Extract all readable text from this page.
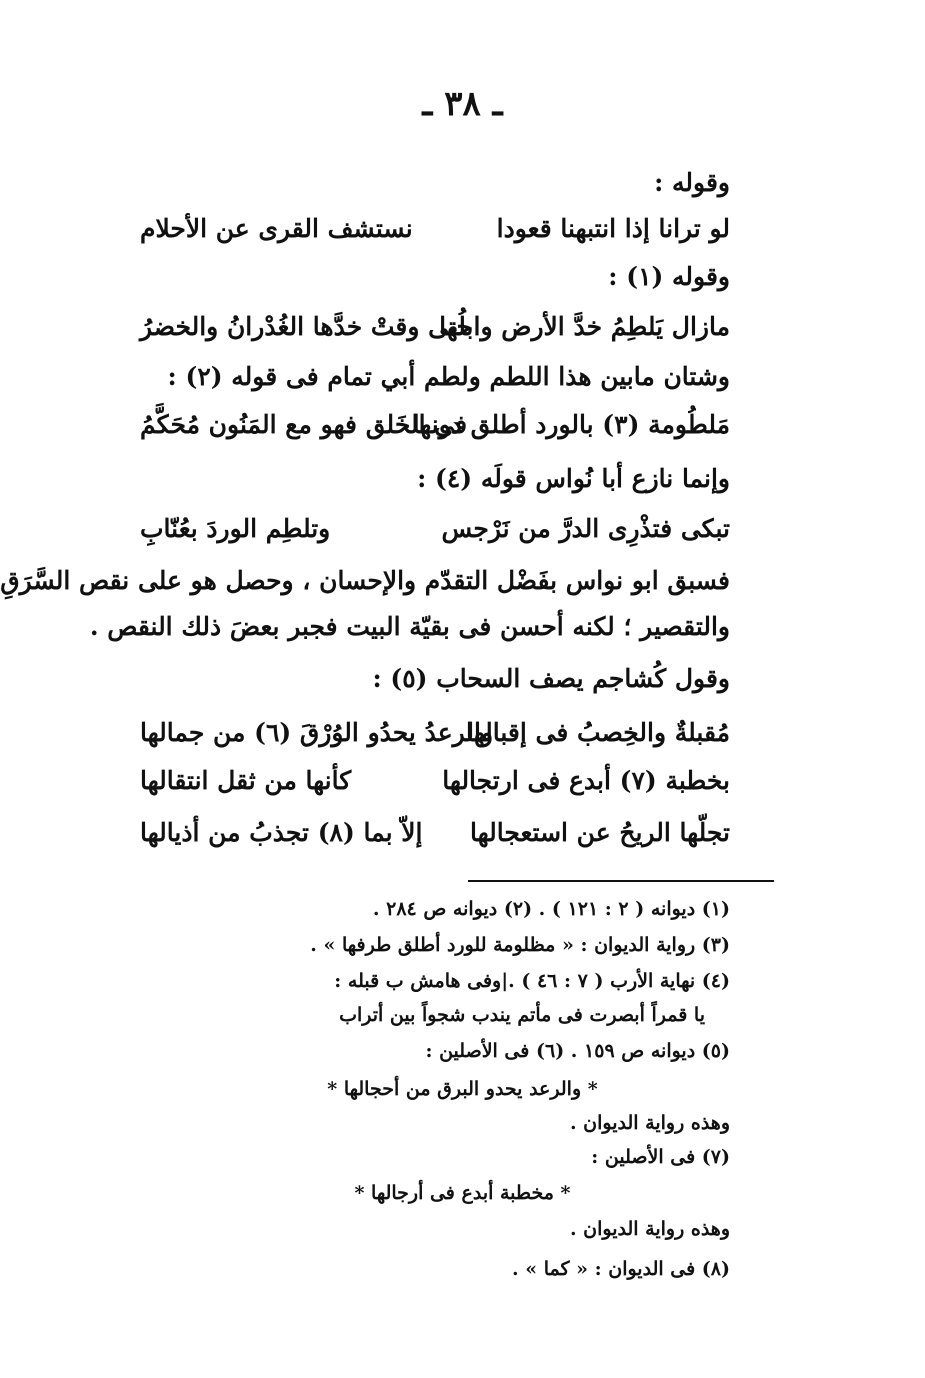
ـ ٣٨ ـ
وقوله :
لو ترانا إذا انتبهنا قعودا
نستشف القرى عن الأحلام
وقوله (١) :
مازال يَلطِمُ خدَّ الأرض وابلُها
حتى وقتْ خدَّها الغُدْرانُ والخضرُ
وشتان مابين هذا اللطم ولطم أبي تمام فى قوله (٢) :
مَلطُومة (٣) بالورد أطلق دونها
فى الخَلق فهو مع المَنُون مُحَكَّمُ
وإنما نازع أبا نُواس قولَه (٤) :
تبكى فتذْرِى الدرَّ من نَرْجس
وتلطِم الوردَ بعُنّابِ
فسبق ابو نواس بفَضْل التقدّم والإحسان ، وحصل هو على نقص السَّرَقِ
والتقصير ؛ لكنه أحسن فى بقيّة البيت فجبر بعضَ ذلك النقص .
وقول كُشاجم يصف السحاب (٥) :
مُقبلةٌ والخِصبُ فى إقبالها
والرعدُ يحدُو الوُرْقَ (٦) من جمالها
بخطبة (٧) أبدع فى ارتجالها
كأنها من ثقل انتقالها
تجلّها الريحُ عن استعجالها
إلاّ بما (٨) تجذبُ من أذيالها
(١) ديوانه ( ٢ : ١٢١ ) . (٢) ديوانه ص ٢٨٤ .
(٣) رواية الديوان : « مظلومة للورد أطلق طرفها » .
(٤) نهاية الأرب ( ٧ : ٤٦ ) .|وفى هامش ب قبله :
يا قمراً أبصرت فى مأتم يندب شجواً بين أتراب
(٥) ديوانه ص ١٥٩ . (٦) فى الأصلين :
* والرعد يحدو البرق من أحجالها *
وهذه رواية الديوان .
(٧) فى الأصلين :
* مخطبة أبدع فى أرجالها *
وهذه رواية الديوان .
(٨) فى الديوان : « كما » .
